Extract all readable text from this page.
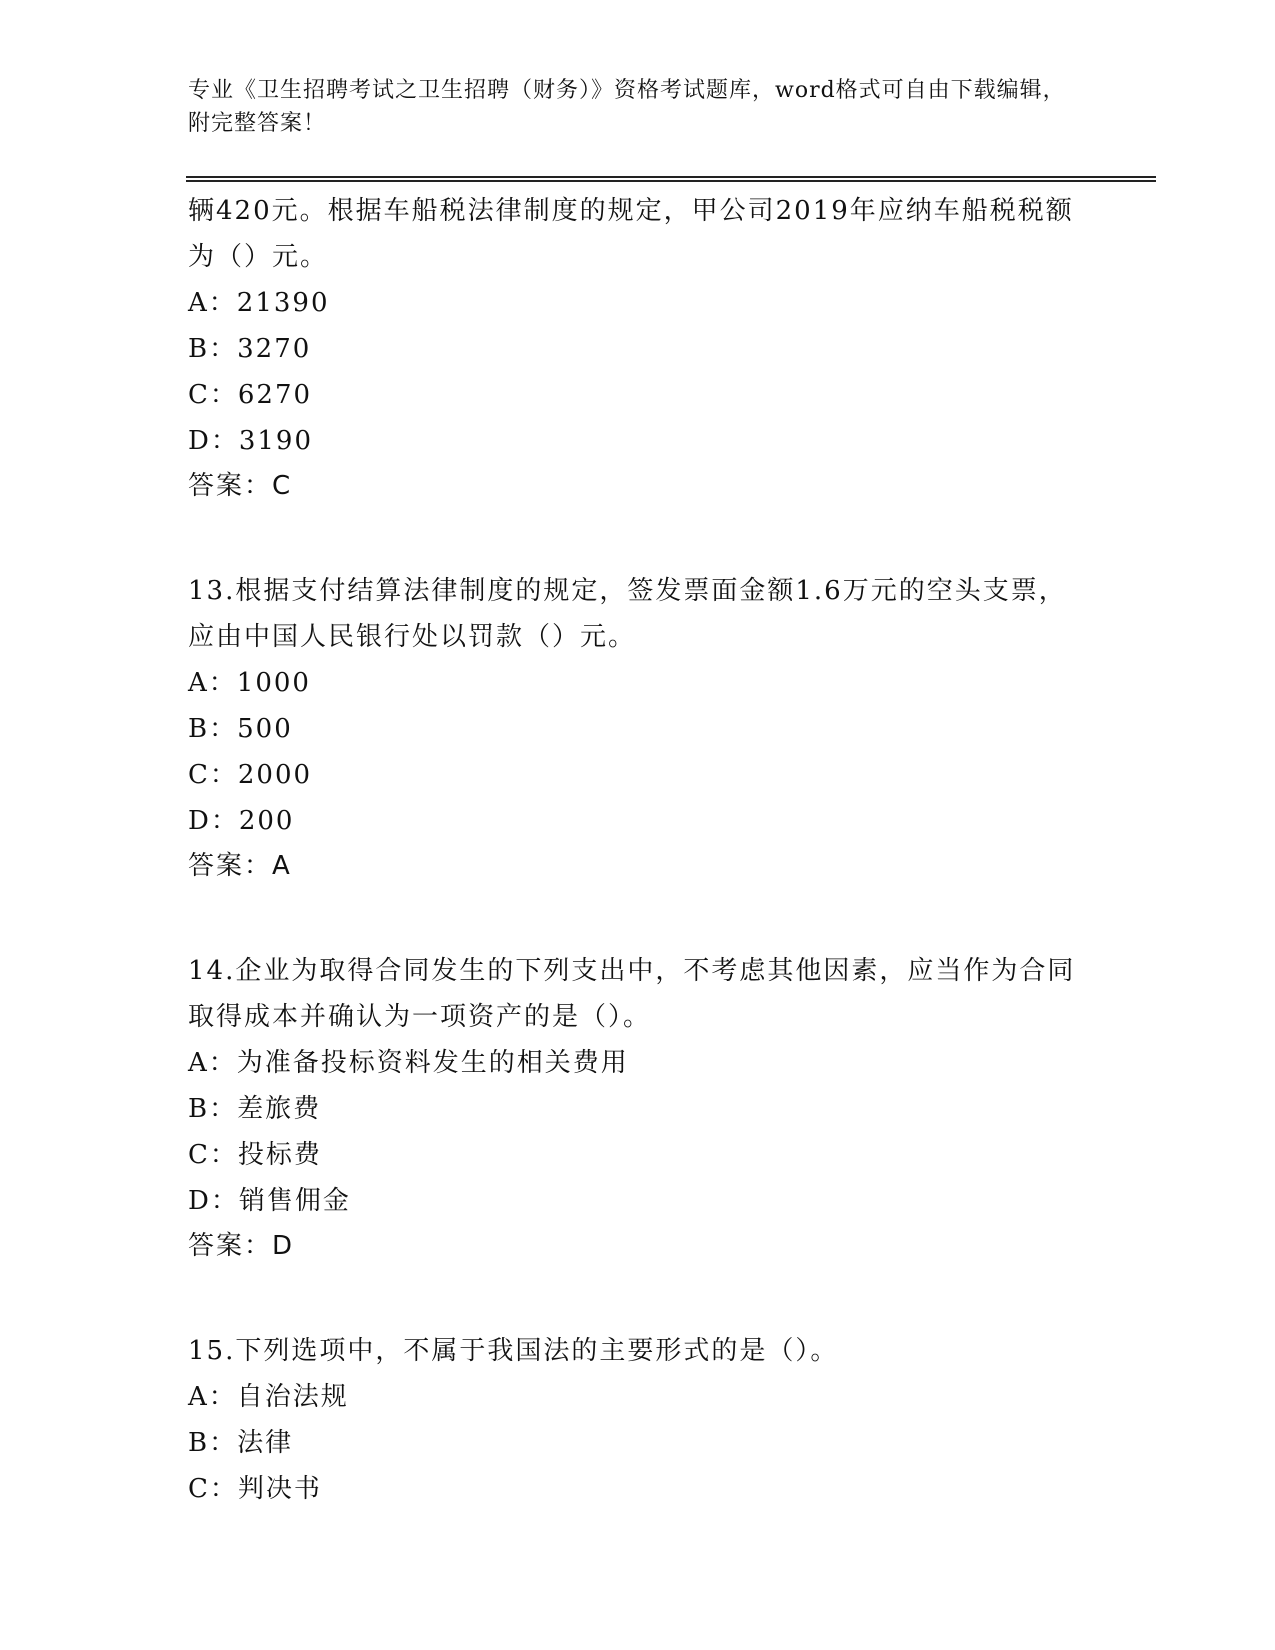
专业《卫生招聘考试之卫生招聘（财务）》资格考试题库，word格式可自由下载编辑，附完整答案！

辆420元。根据车船税法律制度的规定，甲公司2019年应纳车船税税额为（）元。

A：21390

B：3270

C：6270

D：3190

答案：C

13.根据支付结算法律制度的规定，签发票面金额1.6万元的空头支票，应由中国人民银行处以罚款（）元。

A：1000

B：500

C：2000

D：200

答案：A

14.企业为取得合同发生的下列支出中，不考虑其他因素，应当作为合同取得成本并确认为一项资产的是（）。

A：为准备投标资料发生的相关费用

B：差旅费

C：投标费

D：销售佣金

答案：D

15.下列选项中，不属于我国法的主要形式的是（）。

A：自治法规

B：法律

C：判决书
